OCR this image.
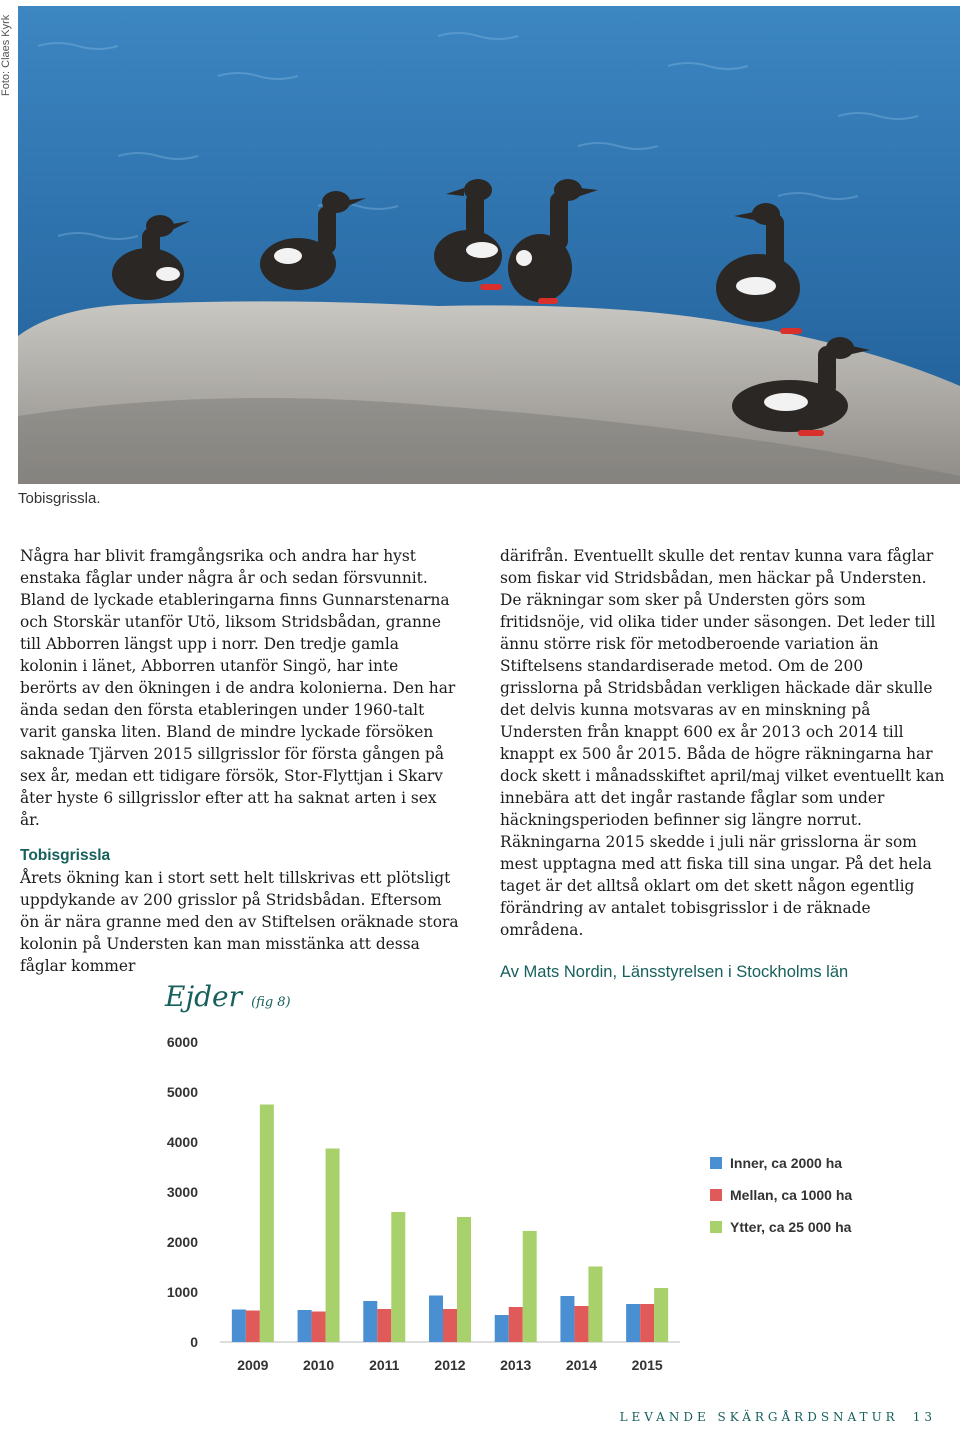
Foto: Claes Kyrk
Tobisgrissla.

Några har blivit framgångsrika och andra har hyst enstaka fåglar under några år och sedan försvunnit. Bland de lyckade etableringarna finns Gunnarstenarna och Storskär utanför Utö, liksom Stridsbådan, granne till Abborren längst upp i norr. Den tredje gamla kolonin i länet, Abborren utanför Singö, har inte berörts av den ökningen i de andra kolonierna. Den har ända sedan den första etableringen under 1960-talt varit ganska liten. Bland de mindre lyckade försöken saknade Tjärven 2015 sillgrisslor för första gången på sex år, medan ett tidigare försök, Stor-Flyttjan i Skarv åter hyste 6 sillgrisslor efter att ha saknat arten i sex år.

Tobisgrissla

Årets ökning kan i stort sett helt tillskrivas ett plötsligt uppdykande av 200 grisslor på Stridsbådan. Eftersom ön är nära granne med den av Stiftelsen oräknade stora kolonin på Understen kan man misstänka att dessa fåglar kommer

därifrån. Eventuellt skulle det rentav kunna vara fåglar som fiskar vid Stridsbådan, men häckar på Understen. De räkningar som sker på Understen görs som fritidsnöje, vid olika tider under säsongen. Det leder till ännu större risk för metodberoende variation än Stiftelsens standardiserade metod. Om de 200 grisslorna på Stridsbådan verkligen häckade där skulle det delvis kunna motsvaras av en minskning på Understen från knappt 600 ex år 2013 och 2014 till knappt ex 500 år 2015. Båda de högre räkningarna har dock skett i månadsskiftet april/maj vilket eventuellt kan innebära att det ingår rastande fåglar som under häckningsperioden befinner sig längre norrut. Räkningarna 2015 skedde i juli när grisslorna är som mest upptagna med att fiska till sina ungar. På det hela taget är det alltså oklart om det skett någon egentlig förändring av antalet tobisgrisslor i de räknade områdena.

Av Mats Nordin, Länsstyrelsen i Stockholms län

Ejder (fig 8)
0
1000
2000
3000
4000
5000
6000
2009 2010 2011 2012 2013 2014 2015
Inner, ca 2000 ha
Mellan, ca 1000 ha
Ytter, ca 25 000 ha
LEVANDE SKÄRGÅRDSNATUR 13
